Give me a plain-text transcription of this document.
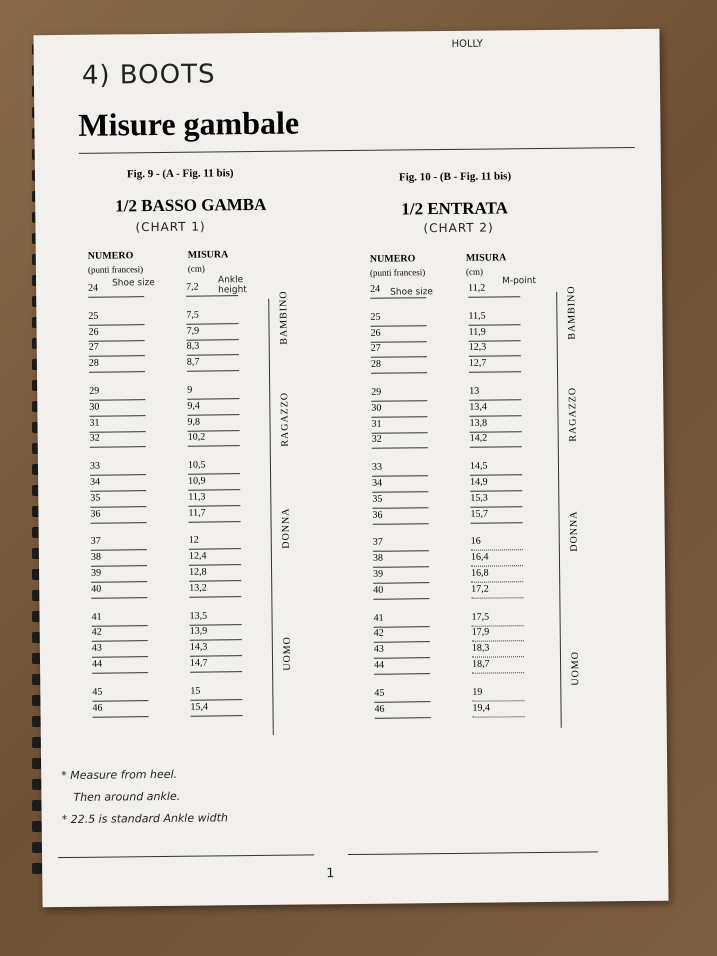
4) BOOTS
HOLLY
Misure gambale
Fig. 9 - (A - Fig. 11 bis)
1/2 BASSO GAMBA
(CHART 1)
NUMERO
(punti francesi)
MISURA
(cm)
Shoe size	Ankle height
24	7,2
25	7,5
26	7,9
27	8,3
28	8,7
29	9
30	9,4
31	9,8
32	10,2
33	10,5
34	10,9
35	11,3
36	11,7
37	12
38	12,4
39	12,8
40	13,2
41	13,5
42	13,9
43	14,3
44	14,7
45	15
46	15,4
BAMBINO
RAGAZZO
DONNA
UOMO
Fig. 10 - (B - Fig. 11 bis)
1/2 ENTRATA
(CHART 2)
NUMERO
(punti francesi)
MISURA
(cm)
Shoe size
M-point
24	11,2
25	11,5
26	11,9
27	12,3
28	12,7
29	13
30	13,4
31	13,8
32	14,2
33	14,5
34	14,9
35	15,3
36	15,7
37	16
38	16,4
39	16,8
40	17,2
41	17,5
42	17,9
43	18,3
44	18,7
45	19
46	19,4
BAMBINO
RAGAZZO
DONNA
UOMO
* Measure from heel.
Then around ankle.
* 22.5 is standard Ankle width
1
